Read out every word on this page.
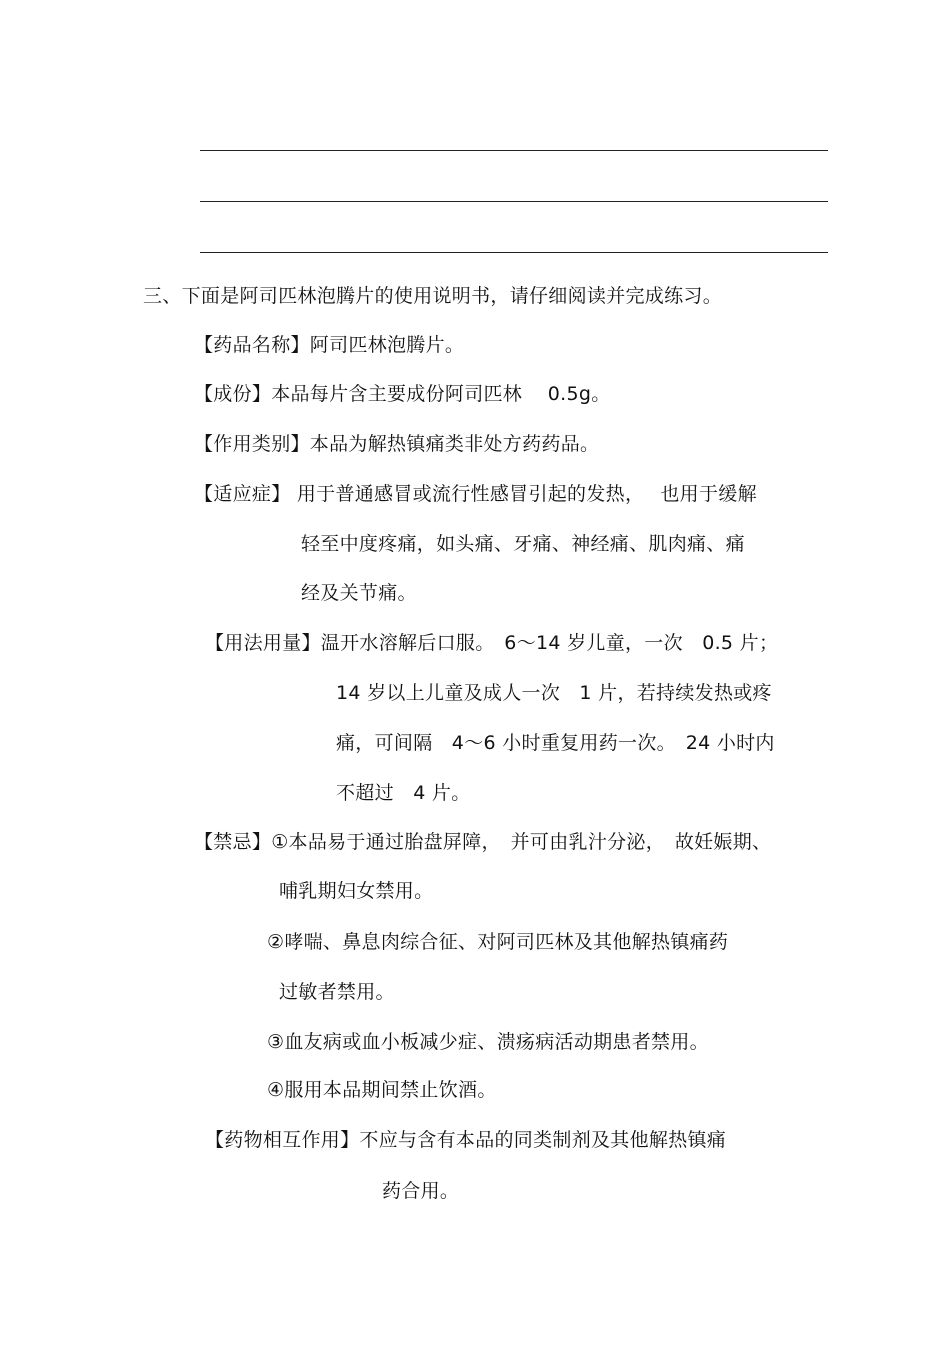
三、下面是阿司匹林泡腾片的使用说明书，请仔细阅读并完成练习。
【药品名称】阿司匹林泡腾片。
【成份】本品每片含主要成份阿司匹林　 0.5g。
【作用类别】本品为解热镇痛类非处方药药品。
【适应症】 用于普通感冒或流行性感冒引起的发热，　 也用于缓解
轻至中度疼痛，如头痛、牙痛、神经痛、肌肉痛、痛
经及关节痛。
【用法用量】温开水溶解后口服。　6～14 岁儿童，一次　0.5 片；
14 岁以上儿童及成人一次　1 片，若持续发热或疼
痛，可间隔　4～6 小时重复用药一次。　24 小时内
不超过　4 片。
【禁忌】①本品易于通过胎盘屏障，　并可由乳汁分泌，　故妊娠期、
哺乳期妇女禁用。
②哮喘、鼻息肉综合征、对阿司匹林及其他解热镇痛药
过敏者禁用。
③血友病或血小板减少症、溃疡病活动期患者禁用。
④服用本品期间禁止饮酒。
【药物相互作用】不应与含有本品的同类制剂及其他解热镇痛
药合用。
